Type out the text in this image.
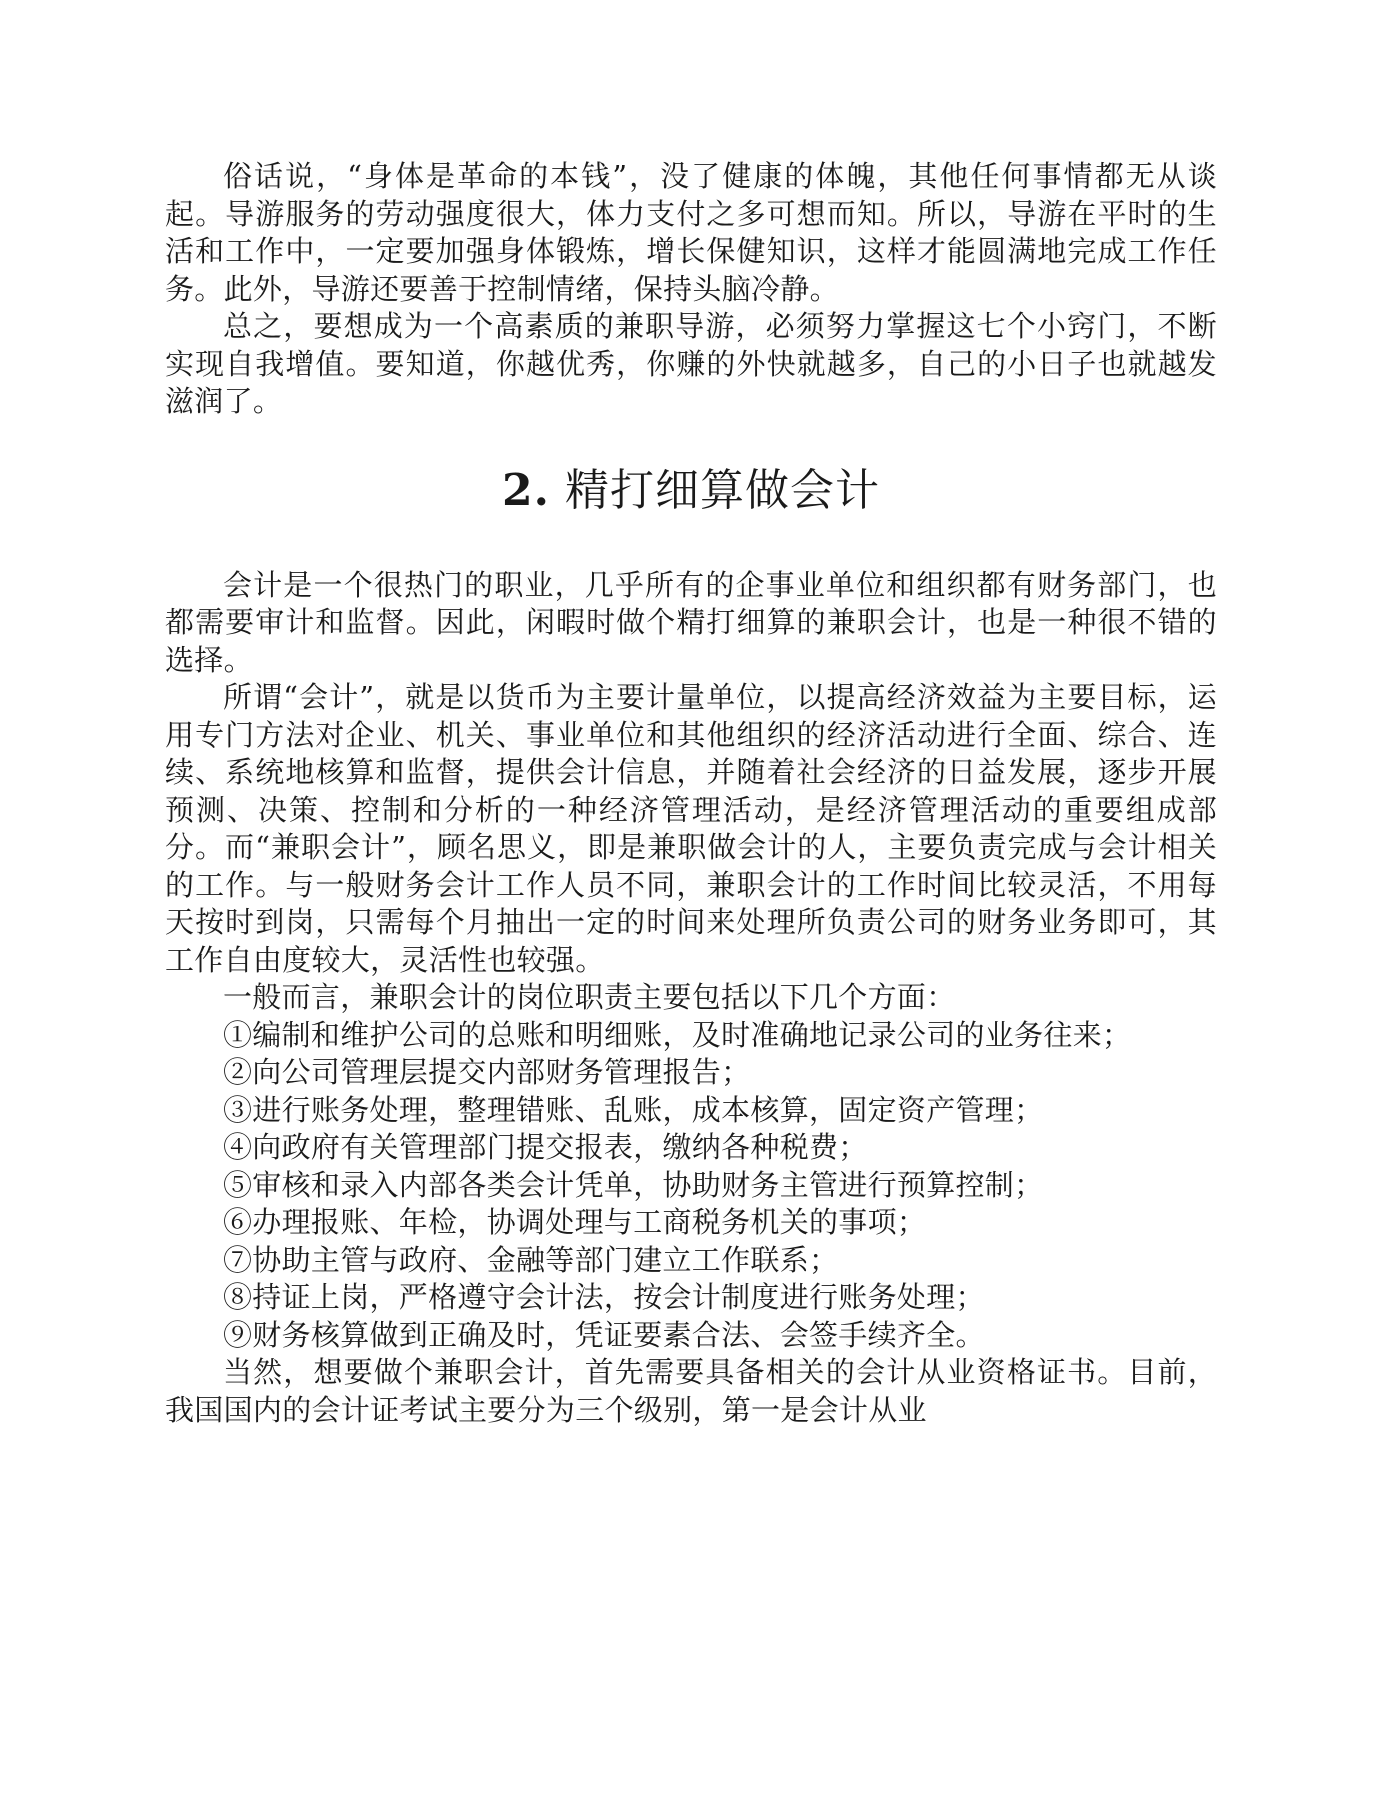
俗话说，“身体是革命的本钱”，没了健康的体魄，其他任何事情都无从谈起。导游服务的劳动强度很大，体力支付之多可想而知。所以，导游在平时的生活和工作中，一定要加强身体锻炼，增长保健知识，这样才能圆满地完成工作任务。此外，导游还要善于控制情绪，保持头脑冷静。

总之，要想成为一个高素质的兼职导游，必须努力掌握这七个小窍门，不断实现自我增值。要知道，你越优秀，你赚的外快就越多，自己的小日子也就越发滋润了。

2. 精打细算做会计

会计是一个很热门的职业，几乎所有的企事业单位和组织都有财务部门，也都需要审计和监督。因此，闲暇时做个精打细算的兼职会计，也是一种很不错的选择。

所谓“会计”，就是以货币为主要计量单位，以提高经济效益为主要目标，运用专门方法对企业、机关、事业单位和其他组织的经济活动进行全面、综合、连续、系统地核算和监督，提供会计信息，并随着社会经济的日益发展，逐步开展预测、决策、控制和分析的一种经济管理活动，是经济管理活动的重要组成部分。而“兼职会计”，顾名思义，即是兼职做会计的人，主要负责完成与会计相关的工作。与一般财务会计工作人员不同，兼职会计的工作时间比较灵活，不用每天按时到岗，只需每个月抽出一定的时间来处理所负责公司的财务业务即可，其工作自由度较大，灵活性也较强。

一般而言，兼职会计的岗位职责主要包括以下几个方面：

①编制和维护公司的总账和明细账，及时准确地记录公司的业务往来；

②向公司管理层提交内部财务管理报告；

③进行账务处理，整理错账、乱账，成本核算，固定资产管理；

④向政府有关管理部门提交报表，缴纳各种税费；

⑤审核和录入内部各类会计凭单，协助财务主管进行预算控制；

⑥办理报账、年检，协调处理与工商税务机关的事项；

⑦协助主管与政府、金融等部门建立工作联系；

⑧持证上岗，严格遵守会计法，按会计制度进行账务处理；

⑨财务核算做到正确及时，凭证要素合法、会签手续齐全。

当然，想要做个兼职会计，首先需要具备相关的会计从业资格证书。目前，我国国内的会计证考试主要分为三个级别，第一是会计从业
